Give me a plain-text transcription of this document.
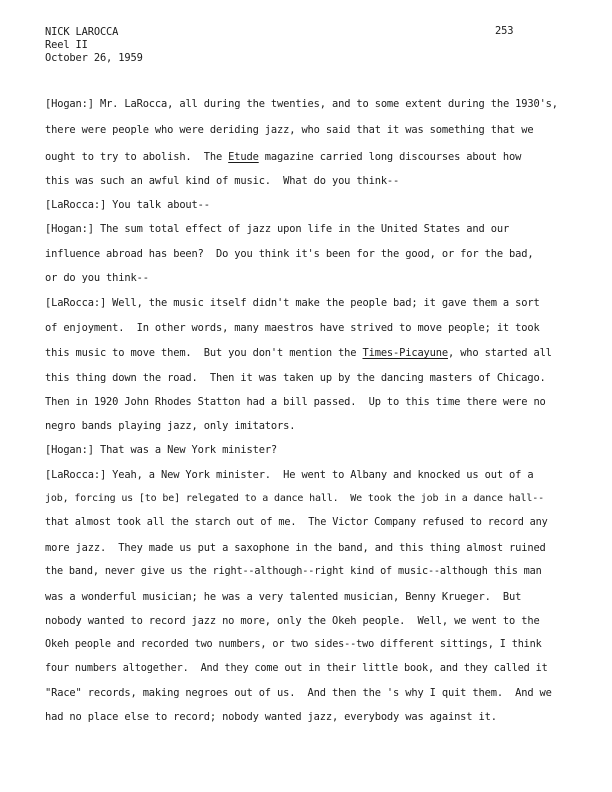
NICK LAROCCA
Reel II
October 26, 1959
253
[Hogan:] Mr. LaRocca, all during the twenties, and to some extent during the 1930's,
there were people who were deriding jazz, who said that it was something that we
ought to try to abolish.  The Etude magazine carried long discourses about how
this was such an awful kind of music.  What do you think--
[LaRocca:] You talk about--
[Hogan:] The sum total effect of jazz upon life in the United States and our
influence abroad has been?  Do you think it's been for the good, or for the bad,
or do you think--
[LaRocca:] Well, the music itself didn't make the people bad; it gave them a sort
of enjoyment.  In other words, many maestros have strived to move people; it took
this music to move them.  But you don't mention the Times-Picayune, who started all
this thing down the road.  Then it was taken up by the dancing masters of Chicago.
Then in 1920 John Rhodes Statton had a bill passed.  Up to this time there were no
negro bands playing jazz, only imitators.
[Hogan:] That was a New York minister?
[LaRocca:] Yeah, a New York minister.  He went to Albany and knocked us out of a
job, forcing us [to be] relegated to a dance hall.  We took the job in a dance hall--
that almost took all the starch out of me.  The Victor Company refused to record any
more jazz.  They made us put a saxophone in the band, and this thing almost ruined
the band, never give us the right--although--right kind of music--although this man
was a wonderful musician; he was a very talented musician, Benny Krueger.  But
nobody wanted to record jazz no more, only the Okeh people.  Well, we went to the
Okeh people and recorded two numbers, or two sides--two different sittings, I think
four numbers altogether.  And they come out in their little book, and they called it
"Race" records, making negroes out of us.  And then the 's why I quit them.  And we
had no place else to record; nobody wanted jazz, everybody was against it.
